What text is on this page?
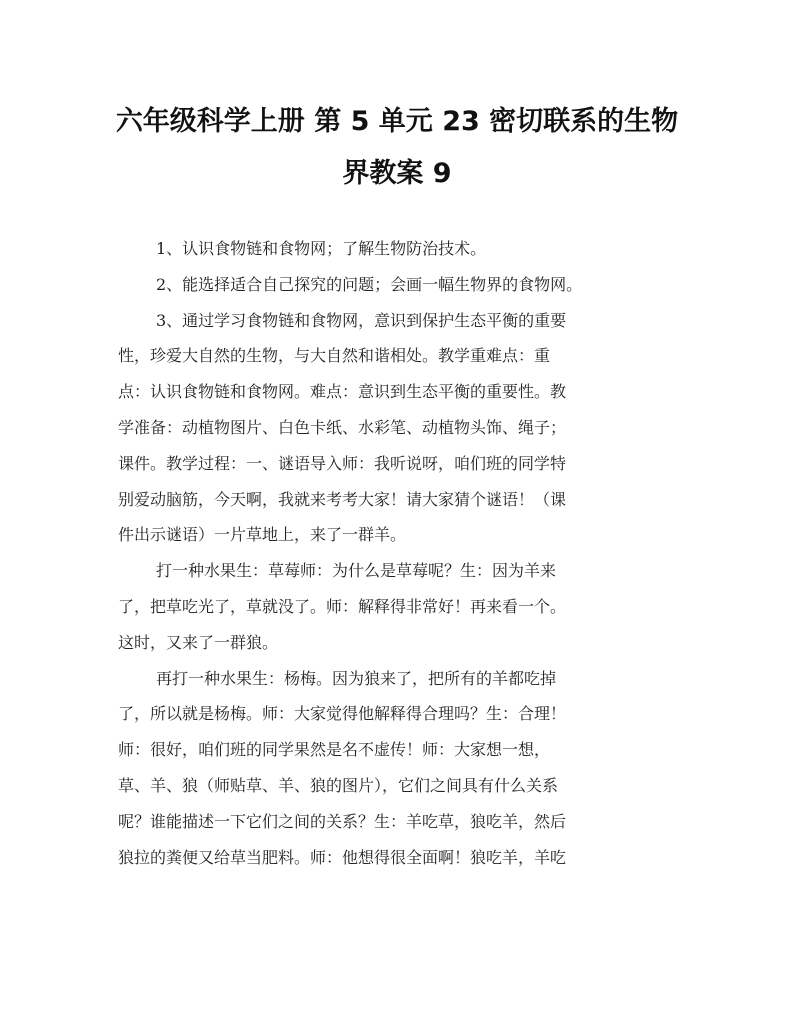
六年级科学上册 第 5 单元 23 密切联系的生物
界教案 9
1、认识食物链和食物网；了解生物防治技术。
2、能选择适合自己探究的问题；会画一幅生物界的食物网。
3、通过学习食物链和食物网，意识到保护生态平衡的重要
性，珍爱大自然的生物，与大自然和谐相处。教学重难点：重
点：认识食物链和食物网。难点：意识到生态平衡的重要性。教
学准备：动植物图片、白色卡纸、水彩笔、动植物头饰、绳子；
课件。教学过程：一、谜语导入师：我听说呀，咱们班的同学特
别爱动脑筋，今天啊，我就来考考大家！请大家猜个谜语！（课
件出示谜语）一片草地上，来了一群羊。
打一种水果生：草莓师：为什么是草莓呢？生：因为羊来
了，把草吃光了，草就没了。师：解释得非常好！再来看一个。
这时，又来了一群狼。
再打一种水果生：杨梅。因为狼来了，把所有的羊都吃掉
了，所以就是杨梅。师：大家觉得他解释得合理吗？生：合理！
师：很好，咱们班的同学果然是名不虚传！师：大家想一想，
草、羊、狼（师贴草、羊、狼的图片），它们之间具有什么关系
呢？谁能描述一下它们之间的关系？生：羊吃草，狼吃羊，然后
狼拉的粪便又给草当肥料。师：他想得很全面啊！狼吃羊，羊吃
